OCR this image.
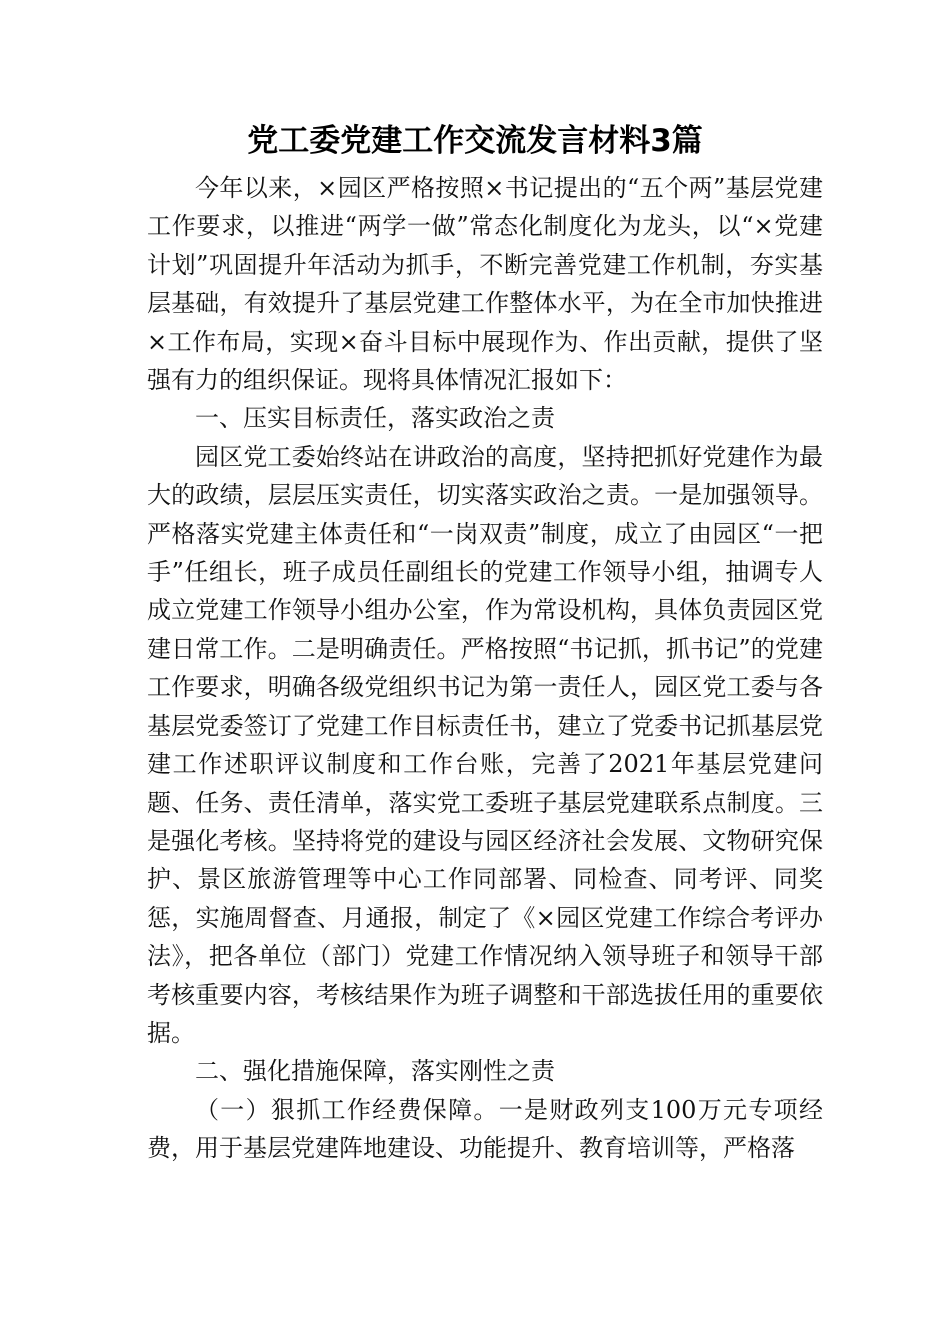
党工委党建工作交流发言材料3篇

今年以来，×园区严格按照×书记提出的“五个两”基层党建工作要求，以推进“两学一做”常态化制度化为龙头，以“×党建计划”巩固提升年活动为抓手，不断完善党建工作机制，夯实基层基础，有效提升了基层党建工作整体水平，为在全市加快推进×工作布局，实现×奋斗目标中展现作为、作出贡献，提供了坚强有力的组织保证。现将具体情况汇报如下：

一、压实目标责任，落实政治之责

园区党工委始终站在讲政治的高度，坚持把抓好党建作为最大的政绩，层层压实责任，切实落实政治之责。一是加强领导。严格落实党建主体责任和“一岗双责”制度，成立了由园区“一把手”任组长，班子成员任副组长的党建工作领导小组，抽调专人成立党建工作领导小组办公室，作为常设机构，具体负责园区党建日常工作。二是明确责任。严格按照“书记抓，抓书记”的党建工作要求，明确各级党组织书记为第一责任人，园区党工委与各基层党委签订了党建工作目标责任书，建立了党委书记抓基层党建工作述职评议制度和工作台账，完善了2021年基层党建问题、任务、责任清单，落实党工委班子基层党建联系点制度。三是强化考核。坚持将党的建设与园区经济社会发展、文物研究保护、景区旅游管理等中心工作同部署、同检查、同考评、同奖惩，实施周督查、月通报，制定了《×园区党建工作综合考评办法》，把各单位（部门）党建工作情况纳入领导班子和领导干部考核重要内容，考核结果作为班子调整和干部选拔任用的重要依据。

二、强化措施保障，落实刚性之责

（一）狠抓工作经费保障。一是财政列支100万元专项经费，用于基层党建阵地建设、功能提升、教育培训等，严格落
